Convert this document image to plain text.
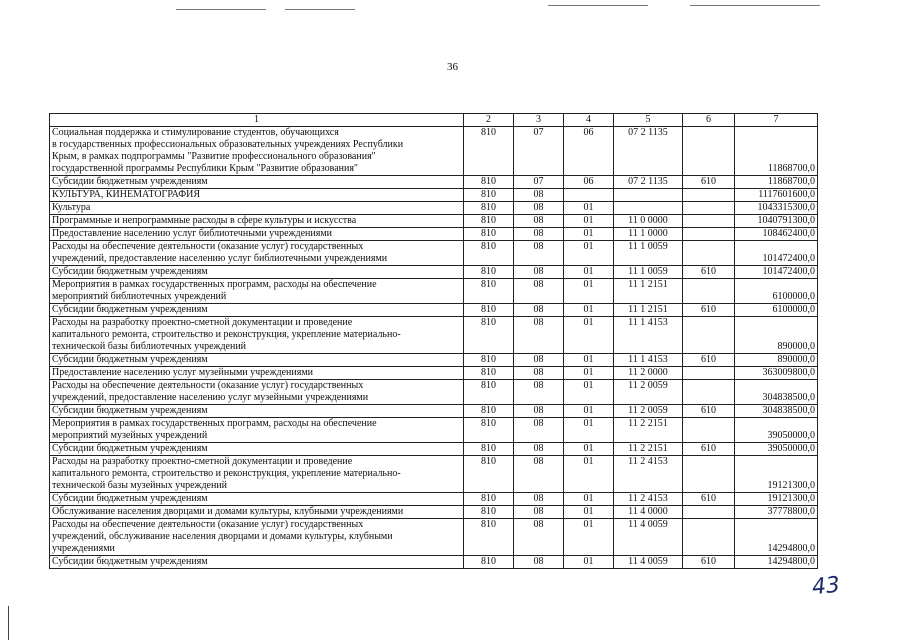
36
1	2	3	4	5	6	7
Социальная поддержка и стимулирование студентов, обучающихся
в государственных профессиональных образовательных учреждениях Республики
Крым, в рамках подпрограммы "Развитие профессионального образования"
государственной программы Республики Крым "Развитие образования"	810	07	06	07 2 1135		11868700,0
Субсидии бюджетным учреждениям	810	07	06	07 2 1135	610	11868700,0
КУЛЬТУРА, КИНЕМАТОГРАФИЯ	810	08				1117601600,0
Культура	810	08	01			1043315300,0
Программные и непрограммные расходы в сфере культуры и искусства	810	08	01	11 0 0000		1040791300,0
Предоставление населению услуг библиотечными учреждениями	810	08	01	11 1 0000		108462400,0
Расходы на обеспечение деятельности (оказание услуг) государственных
учреждений, предоставление населению услуг библиотечными учреждениями	810	08	01	11 1 0059		101472400,0
Субсидии бюджетным учреждениям	810	08	01	11 1 0059	610	101472400,0
Мероприятия в рамках государственных программ, расходы на обеспечение
мероприятий библиотечных учреждений	810	08	01	11 1 2151		6100000,0
Субсидии бюджетным учреждениям	810	08	01	11 1 2151	610	6100000,0
Расходы на разработку проектно-сметной документации и проведение
капитального ремонта, строительство и реконструкция, укрепление материально-
технической базы библиотечных учреждений	810	08	01	11 1 4153		890000,0
Субсидии бюджетным учреждениям	810	08	01	11 1 4153	610	890000,0
Предоставление населению услуг музейными учреждениями	810	08	01	11 2 0000		363009800,0
Расходы на обеспечение деятельности (оказание услуг) государственных
учреждений, предоставление населению услуг музейными учреждениями	810	08	01	11 2 0059		304838500,0
Субсидии бюджетным учреждениям	810	08	01	11 2 0059	610	304838500,0
Мероприятия в рамках государственных программ, расходы на обеспечение
мероприятий музейных учреждений	810	08	01	11 2 2151		39050000,0
Субсидии бюджетным учреждениям	810	08	01	11 2 2151	610	39050000,0
Расходы на разработку проектно-сметной документации и проведение
капитального ремонта, строительство и реконструкция, укрепление материально-
технической базы музейных учреждений	810	08	01	11 2 4153		19121300,0
Субсидии бюджетным учреждениям	810	08	01	11 2 4153	610	19121300,0
Обслуживание населения дворцами и домами культуры, клубными учреждениями	810	08	01	11 4 0000		37778800,0
Расходы на обеспечение деятельности (оказание услуг) государственных
учреждений, обслуживание населения дворцами и домами культуры, клубными
учреждениями	810	08	01	11 4 0059		14294800,0
Субсидии бюджетным учреждениям	810	08	01	11 4 0059	610	14294800,0
43
